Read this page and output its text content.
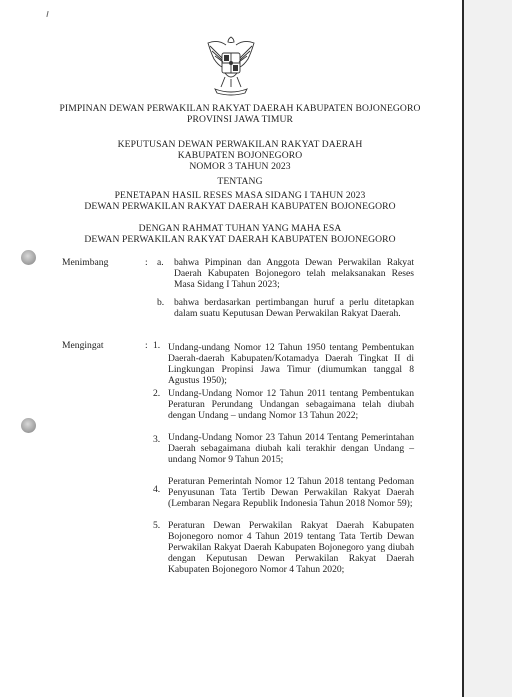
PIMPINAN DEWAN PERWAKILAN RAKYAT DAERAH KABUPATEN BOJONEGORO
PROVINSI JAWA TIMUR
KEPUTUSAN DEWAN PERWAKILAN RAKYAT DAERAH
KABUPATEN BOJONEGORO
NOMOR 3 TAHUN 2023
TENTANG
PENETAPAN HASIL RESES MASA SIDANG I TAHUN 2023
DEWAN PERWAKILAN RAKYAT DAERAH KABUPATEN BOJONEGORO
DENGAN RAHMAT TUHAN YANG MAHA ESA
DEWAN PERWAKILAN RAKYAT DAERAH KABUPATEN BOJONEGORO
Menimbang	: a. bahwa Pimpinan dan Anggota Dewan Perwakilan Rakyat Daerah Kabupaten Bojonegoro telah melaksanakan Reses Masa Sidang I Tahun 2023;
b. bahwa berdasarkan pertimbangan huruf a perlu ditetapkan dalam suatu Keputusan Dewan Perwakilan Rakyat Daerah.
Mengingat	: 1. Undang-undang Nomor 12 Tahun 1950 tentang Pembentukan Daerah-daerah Kabupaten/Kotamadya Daerah Tingkat II di Lingkungan Propinsi Jawa Timur (diumumkan tanggal 8 Agustus 1950);
2. Undang-Undang Nomor 12 Tahun 2011 tentang Pembentukan Peraturan Perundang Undangan sebagaimana telah diubah dengan Undang – undang Nomor 13 Tahun 2022;
3. Undang-Undang Nomor 23 Tahun 2014 Tentang Pemerintahan Daerah sebagaimana diubah kali terakhir dengan Undang – undang Nomor 9 Tahun 2015;
4.
Peraturan Pemerintah Nomor 12 Tahun 2018 tentang Pedoman Penyusunan Tata Tertib Dewan Perwakilan Rakyat Daerah (Lembaran Negara Republik Indonesia Tahun 2018 Nomor 59);
5. Peraturan Dewan Perwakilan Rakyat Daerah Kabupaten Bojonegoro nomor 4 Tahun 2019 tentang Tata Tertib Dewan Perwakilan Rakyat Daerah Kabupaten Bojonegoro yang diubah dengan Keputusan Dewan Perwakilan Rakyat Daerah Kabupaten Bojonegoro Nomor 4 Tahun 2020;
